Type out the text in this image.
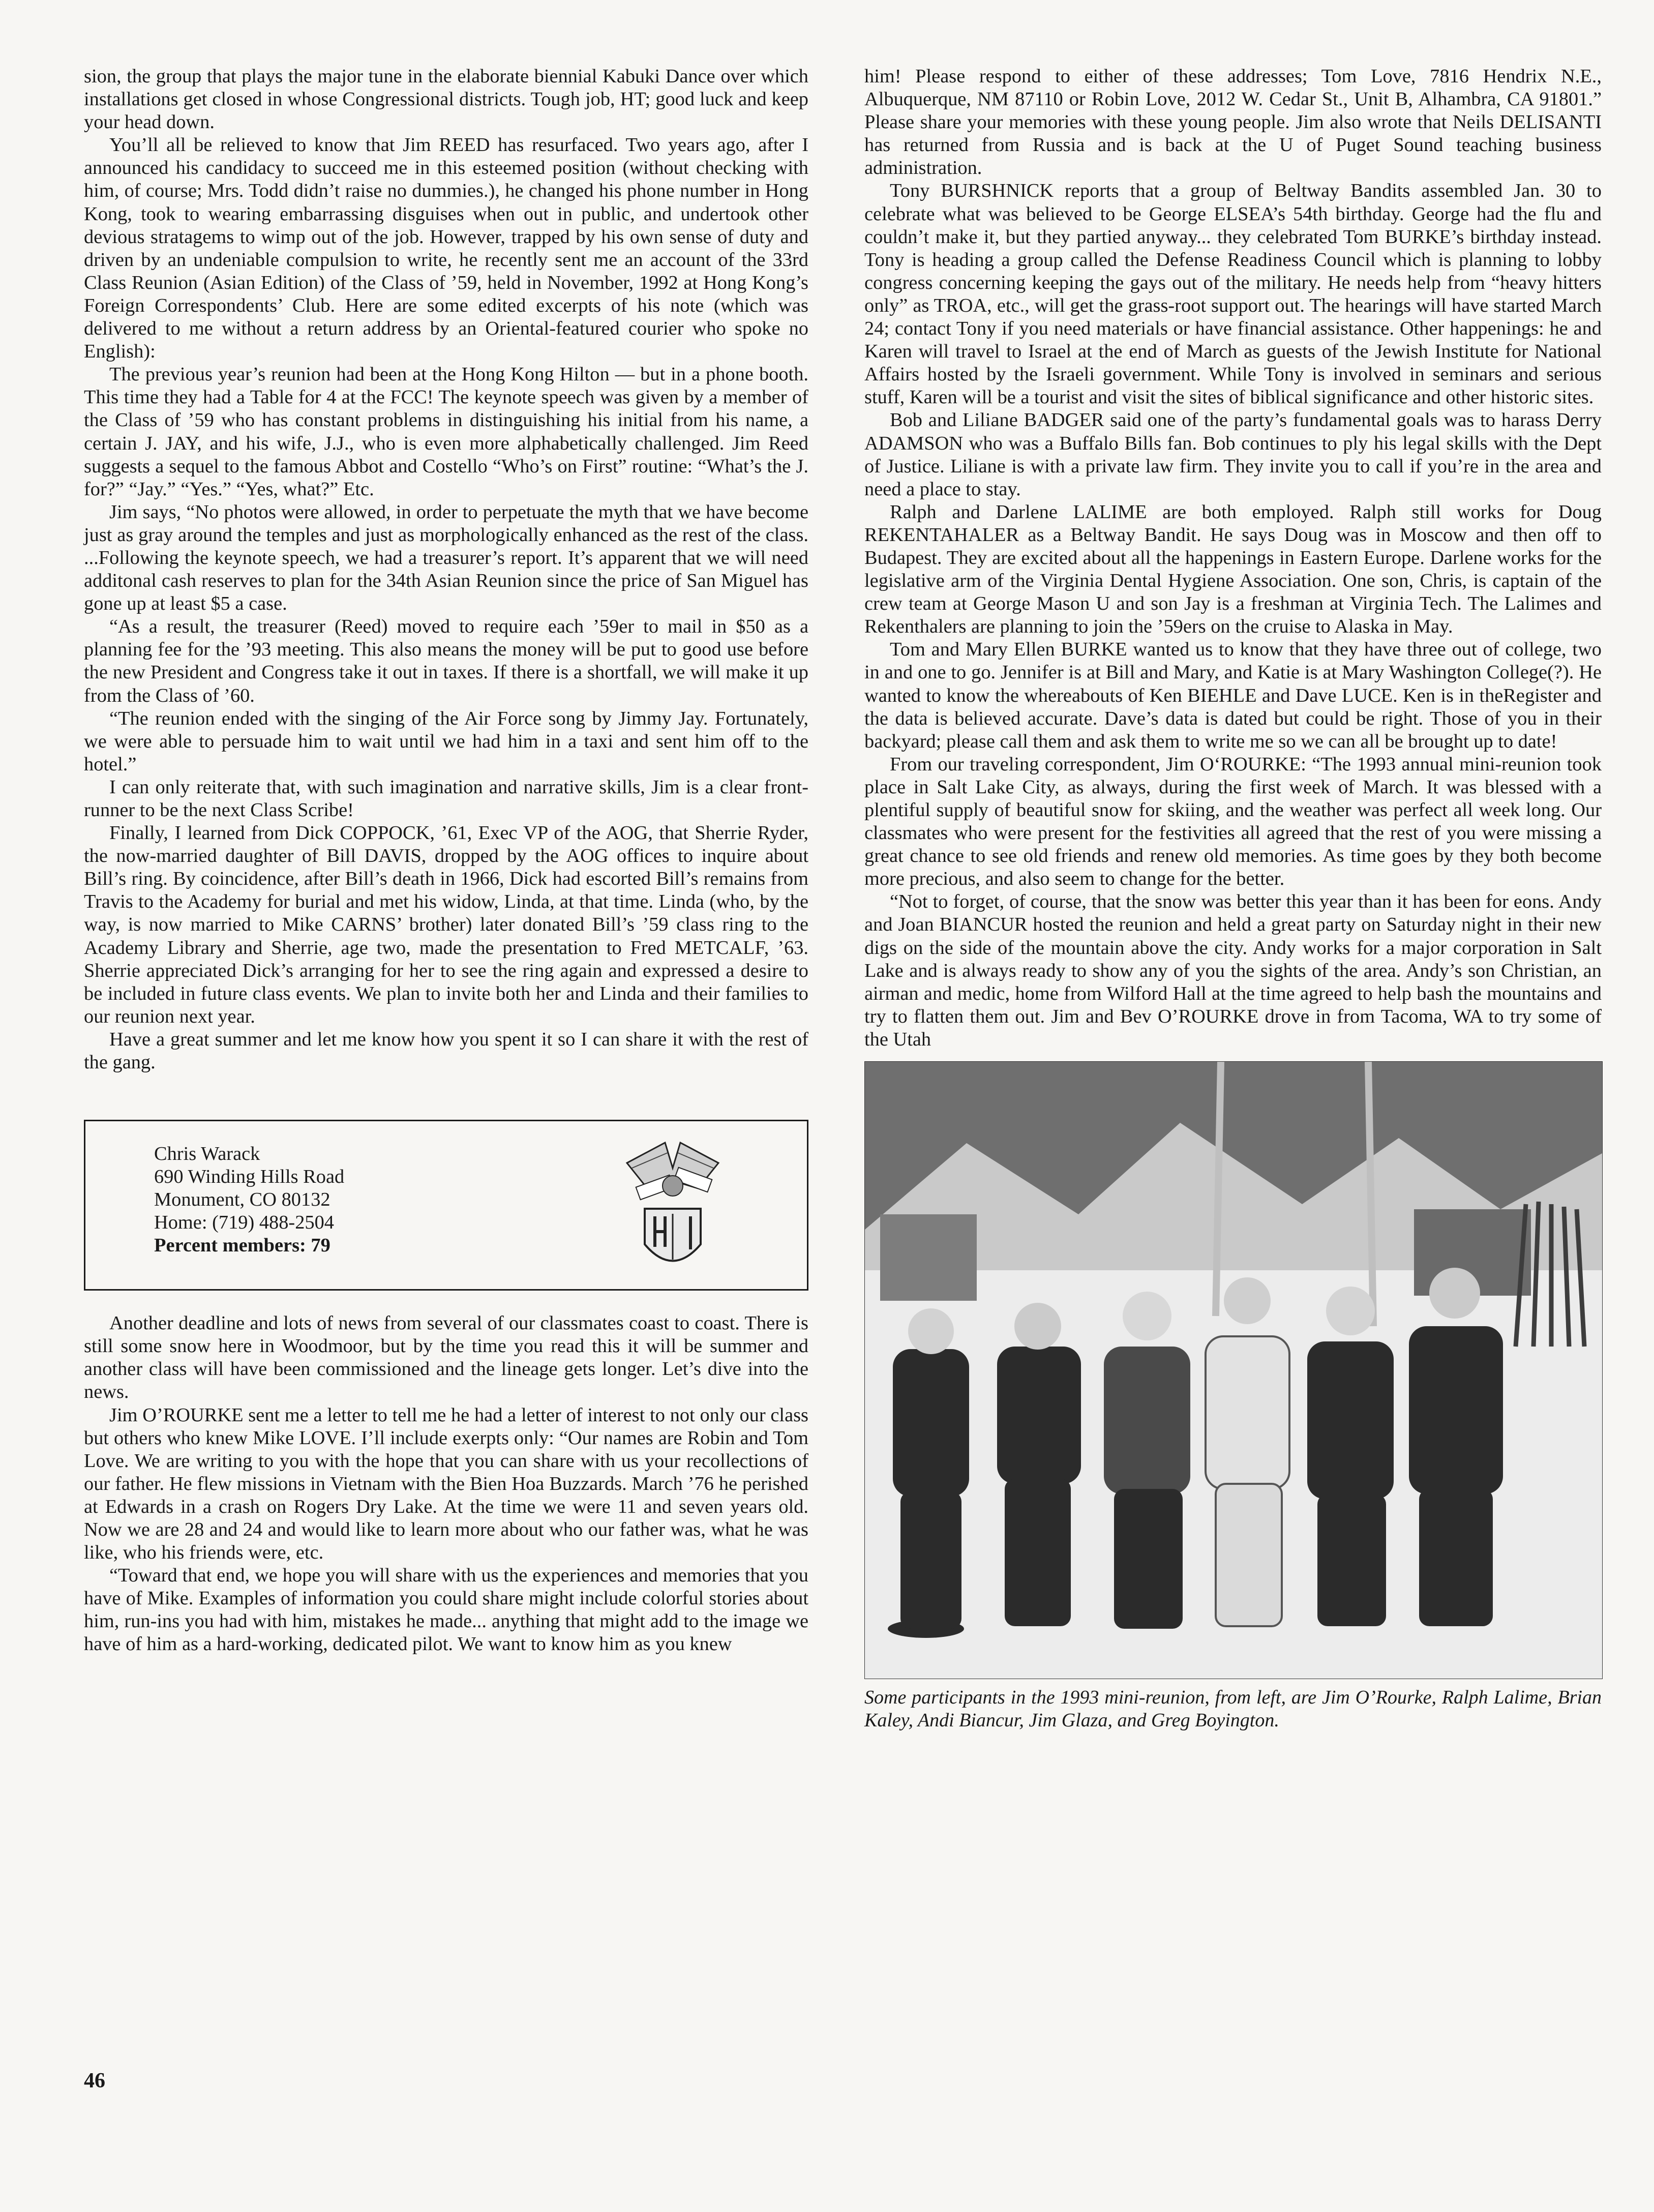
sion, the group that plays the major tune in the elaborate biennial Kabuki Dance over which installations get closed in whose Congressional districts. Tough job, HT; good luck and keep your head down.

You’ll all be relieved to know that Jim REED has resurfaced. Two years ago, after I announced his candidacy to succeed me in this esteemed position (without checking with him, of course; Mrs. Todd didn’t raise no dummies.), he changed his phone number in Hong Kong, took to wearing embarrassing disguises when out in public, and undertook other devious stratagems to wimp out of the job. However, trapped by his own sense of duty and driven by an undeniable compulsion to write, he recently sent me an account of the 33rd Class Reunion (Asian Edition) of the Class of ’59, held in November, 1992 at Hong Kong’s Foreign Correspondents’ Club. Here are some edited excerpts of his note (which was delivered to me without a return address by an Oriental-featured courier who spoke no English):

The previous year’s reunion had been at the Hong Kong Hilton — but in a phone booth. This time they had a Table for 4 at the FCC! The keynote speech was given by a member of the Class of ’59 who has constant problems in distinguishing his initial from his name, a certain J. JAY, and his wife, J.J., who is even more alphabetically challenged. Jim Reed suggests a sequel to the famous Abbot and Costello “Who’s on First” routine: “What’s the J. for?” “Jay.” “Yes.” “Yes, what?” Etc.

Jim says, “No photos were allowed, in order to perpetuate the myth that we have become just as gray around the temples and just as morphologically enhanced as the rest of the class. ...Following the keynote speech, we had a treasurer’s report. It’s apparent that we will need additonal cash reserves to plan for the 34th Asian Reunion since the price of San Miguel has gone up at least $5 a case.

“As a result, the treasurer (Reed) moved to require each ’59er to mail in $50 as a planning fee for the ’93 meeting. This also means the money will be put to good use before the new President and Congress take it out in taxes. If there is a shortfall, we will make it up from the Class of ’60.

“The reunion ended with the singing of the Air Force song by Jimmy Jay. Fortunately, we were able to persuade him to wait until we had him in a taxi and sent him off to the hotel.”

I can only reiterate that, with such imagination and narrative skills, Jim is a clear front-runner to be the next Class Scribe!

Finally, I learned from Dick COPPOCK, ’61, Exec VP of the AOG, that Sherrie Ryder, the now-married daughter of Bill DAVIS, dropped by the AOG offices to inquire about Bill’s ring. By coincidence, after Bill’s death in 1966, Dick had escorted Bill’s remains from Travis to the Academy for burial and met his widow, Linda, at that time. Linda (who, by the way, is now married to Mike CARNS’ brother) later donated Bill’s ’59 class ring to the Academy Library and Sherrie, age two, made the presentation to Fred METCALF, ’63. Sherrie appreciated Dick’s arranging for her to see the ring again and expressed a desire to be included in future class events. We plan to invite both her and Linda and their families to our reunion next year.

Have a great summer and let me know how you spent it so I can share it with the rest of the gang.

Chris Warack
690 Winding Hills Road
Monument, CO 80132
Home: (719) 488-2504
Percent members: 79

Another deadline and lots of news from several of our classmates coast to coast. There is still some snow here in Woodmoor, but by the time you read this it will be summer and another class will have been commissioned and the lineage gets longer. Let’s dive into the news.

Jim O’ROURKE sent me a letter to tell me he had a letter of interest to not only our class but others who knew Mike LOVE. I’ll include exerpts only: “Our names are Robin and Tom Love. We are writing to you with the hope that you can share with us your recollections of our father. He flew missions in Vietnam with the Bien Hoa Buzzards. March ’76 he perished at Edwards in a crash on Rogers Dry Lake. At the time we were 11 and seven years old. Now we are 28 and 24 and would like to learn more about who our father was, what he was like, who his friends were, etc.

“Toward that end, we hope you will share with us the experiences and memories that you have of Mike. Examples of information you could share might include colorful stories about him, run-ins you had with him, mistakes he made... anything that might add to the image we have of him as a hard-working, dedicated pilot. We want to know him as you knew

him! Please respond to either of these addresses; Tom Love, 7816 Hendrix N.E., Albuquerque, NM 87110 or Robin Love, 2012 W. Cedar St., Unit B, Alhambra, CA 91801.” Please share your memories with these young people. Jim also wrote that Neils DELISANTI has returned from Russia and is back at the U of Puget Sound teaching business administration.

Tony BURSHNICK reports that a group of Beltway Bandits assembled Jan. 30 to celebrate what was believed to be George ELSEA’s 54th birthday. George had the flu and couldn’t make it, but they partied anyway... they celebrated Tom BURKE’s birthday instead. Tony is heading a group called the Defense Readiness Council which is planning to lobby congress concerning keeping the gays out of the military. He needs help from “heavy hitters only” as TROA, etc., will get the grass-root support out. The hearings will have started March 24; contact Tony if you need materials or have financial assistance. Other happenings: he and Karen will travel to Israel at the end of March as guests of the Jewish Institute for National Affairs hosted by the Israeli government. While Tony is involved in seminars and serious stuff, Karen will be a tourist and visit the sites of biblical significance and other historic sites.

Bob and Liliane BADGER said one of the party’s fundamental goals was to harass Derry ADAMSON who was a Buffalo Bills fan. Bob continues to ply his legal skills with the Dept of Justice. Liliane is with a private law firm. They invite you to call if you’re in the area and need a place to stay.

Ralph and Darlene LALIME are both employed. Ralph still works for Doug REKENTAHALER as a Beltway Bandit. He says Doug was in Moscow and then off to Budapest. They are excited about all the happenings in Eastern Europe. Darlene works for the legislative arm of the Virginia Dental Hygiene Association. One son, Chris, is captain of the crew team at George Mason U and son Jay is a freshman at Virginia Tech. The Lalimes and Rekenthalers are planning to join the ’59ers on the cruise to Alaska in May.

Tom and Mary Ellen BURKE wanted us to know that they have three out of college, two in and one to go. Jennifer is at Bill and Mary, and Katie is at Mary Washington College(?). He wanted to know the whereabouts of Ken BIEHLE and Dave LUCE. Ken is in theRegister and the data is believed accurate. Dave’s data is dated but could be right. Those of you in their backyard; please call them and ask them to write me so we can all be brought up to date!

From our traveling correspondent, Jim O‘ROURKE: “The 1993 annual mini-reunion took place in Salt Lake City, as always, during the first week of March. It was blessed with a plentiful supply of beautiful snow for skiing, and the weather was perfect all week long. Our classmates who were present for the festivities all agreed that the rest of you were missing a great chance to see old friends and renew old memories. As time goes by they both become more precious, and also seem to change for the better.

“Not to forget, of course, that the snow was better this year than it has been for eons. Andy and Joan BIANCUR hosted the reunion and held a great party on Saturday night in their new digs on the side of the mountain above the city. Andy works for a major corporation in Salt Lake and is always ready to show any of you the sights of the area. Andy’s son Christian, an airman and medic, home from Wilford Hall at the time agreed to help bash the mountains and try to flatten them out. Jim and Bev O’ROURKE drove in from Tacoma, WA to try some of the Utah

Some participants in the 1993 mini-reunion, from left, are Jim O’Rourke, Ralph Lalime, Brian Kaley, Andi Biancur, Jim Glaza, and Greg Boyington.
46
